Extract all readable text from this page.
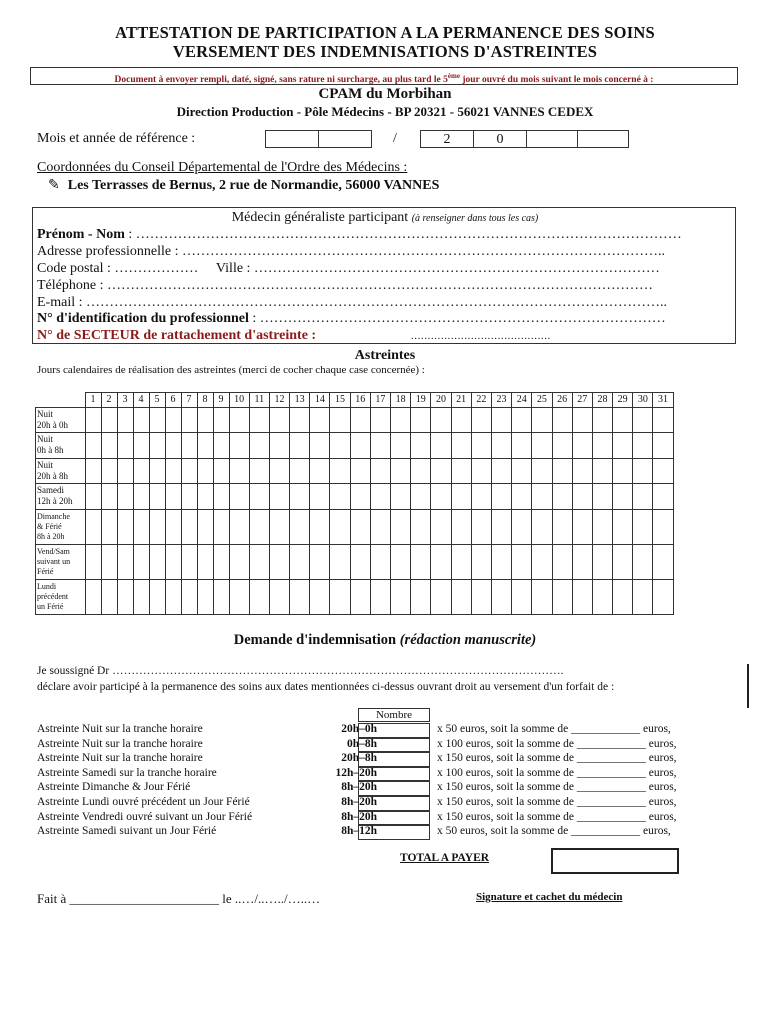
ATTESTATION DE PARTICIPATION A LA PERMANENCE DES SOINS
VERSEMENT DES INDEMNISATIONS D'ASTREINTES
Document à envoyer rempli, daté, signé, sans rature ni surcharge, au plus tard le 5ème jour ouvré du mois suivant le mois concerné à :
CPAM du Morbihan
Direction Production - Pôle Médecins - BP 20321 - 56021 VANNES CEDEX
Mois et année de référence :	/	2	0
Coordonnées du Conseil Départemental de l'Ordre des Médecins :
✎ Les Terrasses de Bernus, 2 rue de Normandie, 56000 VANNES
Médecin généraliste participant (à renseigner dans tous les cas)
Prénom - Nom : ………………………………………………………………………………………………………
Adresse professionnelle : …………………………………………………………………………………………..
Code postal : ……………… Ville : ……………………………………………………………………………
Téléphone : ………………………………………………………………………………………………………
E-mail : ……………………………………………………………………………………………………………..
N° d'identification du professionnel : ……………………………………………………………………………
N° de SECTEUR de rattachement d'astreinte :	……………………………………
Astreintes
Jours calendaires de réalisation des astreintes (merci de cocher chaque case concernée) :
	1	2	3	4	5	6	7	8	9	10	11	12	13	14	15	16	17	18	19	20	21	22	23	24	25	26	27	28	29	30	31

Nuit
20h à 0h																															

Nuit
0h à 8h																															

Nuit
20h à 8h																															

Samedi
12h à 20h																															

Dimanche
& Férié
8h à 20h																															

Vend/Sam
suivant un
Férié																															

Lundi
précédent
un Férié																															

Demande d'indemnisation (rédaction manuscrite)
Je soussigné Dr ……………………………………………………………………………………………………….
déclare avoir participé à la permanence des soins aux dates mentionnées ci-dessus ouvrant droit au versement d'un forfait de :
Nombre
Astreinte Nuit sur la tranche horaire	20h–0h	x 50 euros, soit la somme de ____________ euros,
Astreinte Nuit sur la tranche horaire	0h–8h	x 100 euros, soit la somme de ____________ euros,
Astreinte Nuit sur la tranche horaire	20h–8h	x 150 euros, soit la somme de ____________ euros,
Astreinte Samedi sur la tranche horaire	12h–20h	x 100 euros, soit la somme de ____________ euros,
Astreinte Dimanche & Jour Férié	8h–20h	x 150 euros, soit la somme de ____________ euros,
Astreinte Lundi ouvré précédent un Jour Férié	8h–20h	x 150 euros, soit la somme de ____________ euros,
Astreinte Vendredi ouvré suivant un Jour Férié	8h–20h	x 150 euros, soit la somme de ____________ euros,
Astreinte Samedi suivant un Jour Férié	8h–12h	x 50 euros, soit la somme de ____________ euros,
TOTAL A PAYER
Fait à _______________________ le ..…/..…../…..…	Signature et cachet du médecin
